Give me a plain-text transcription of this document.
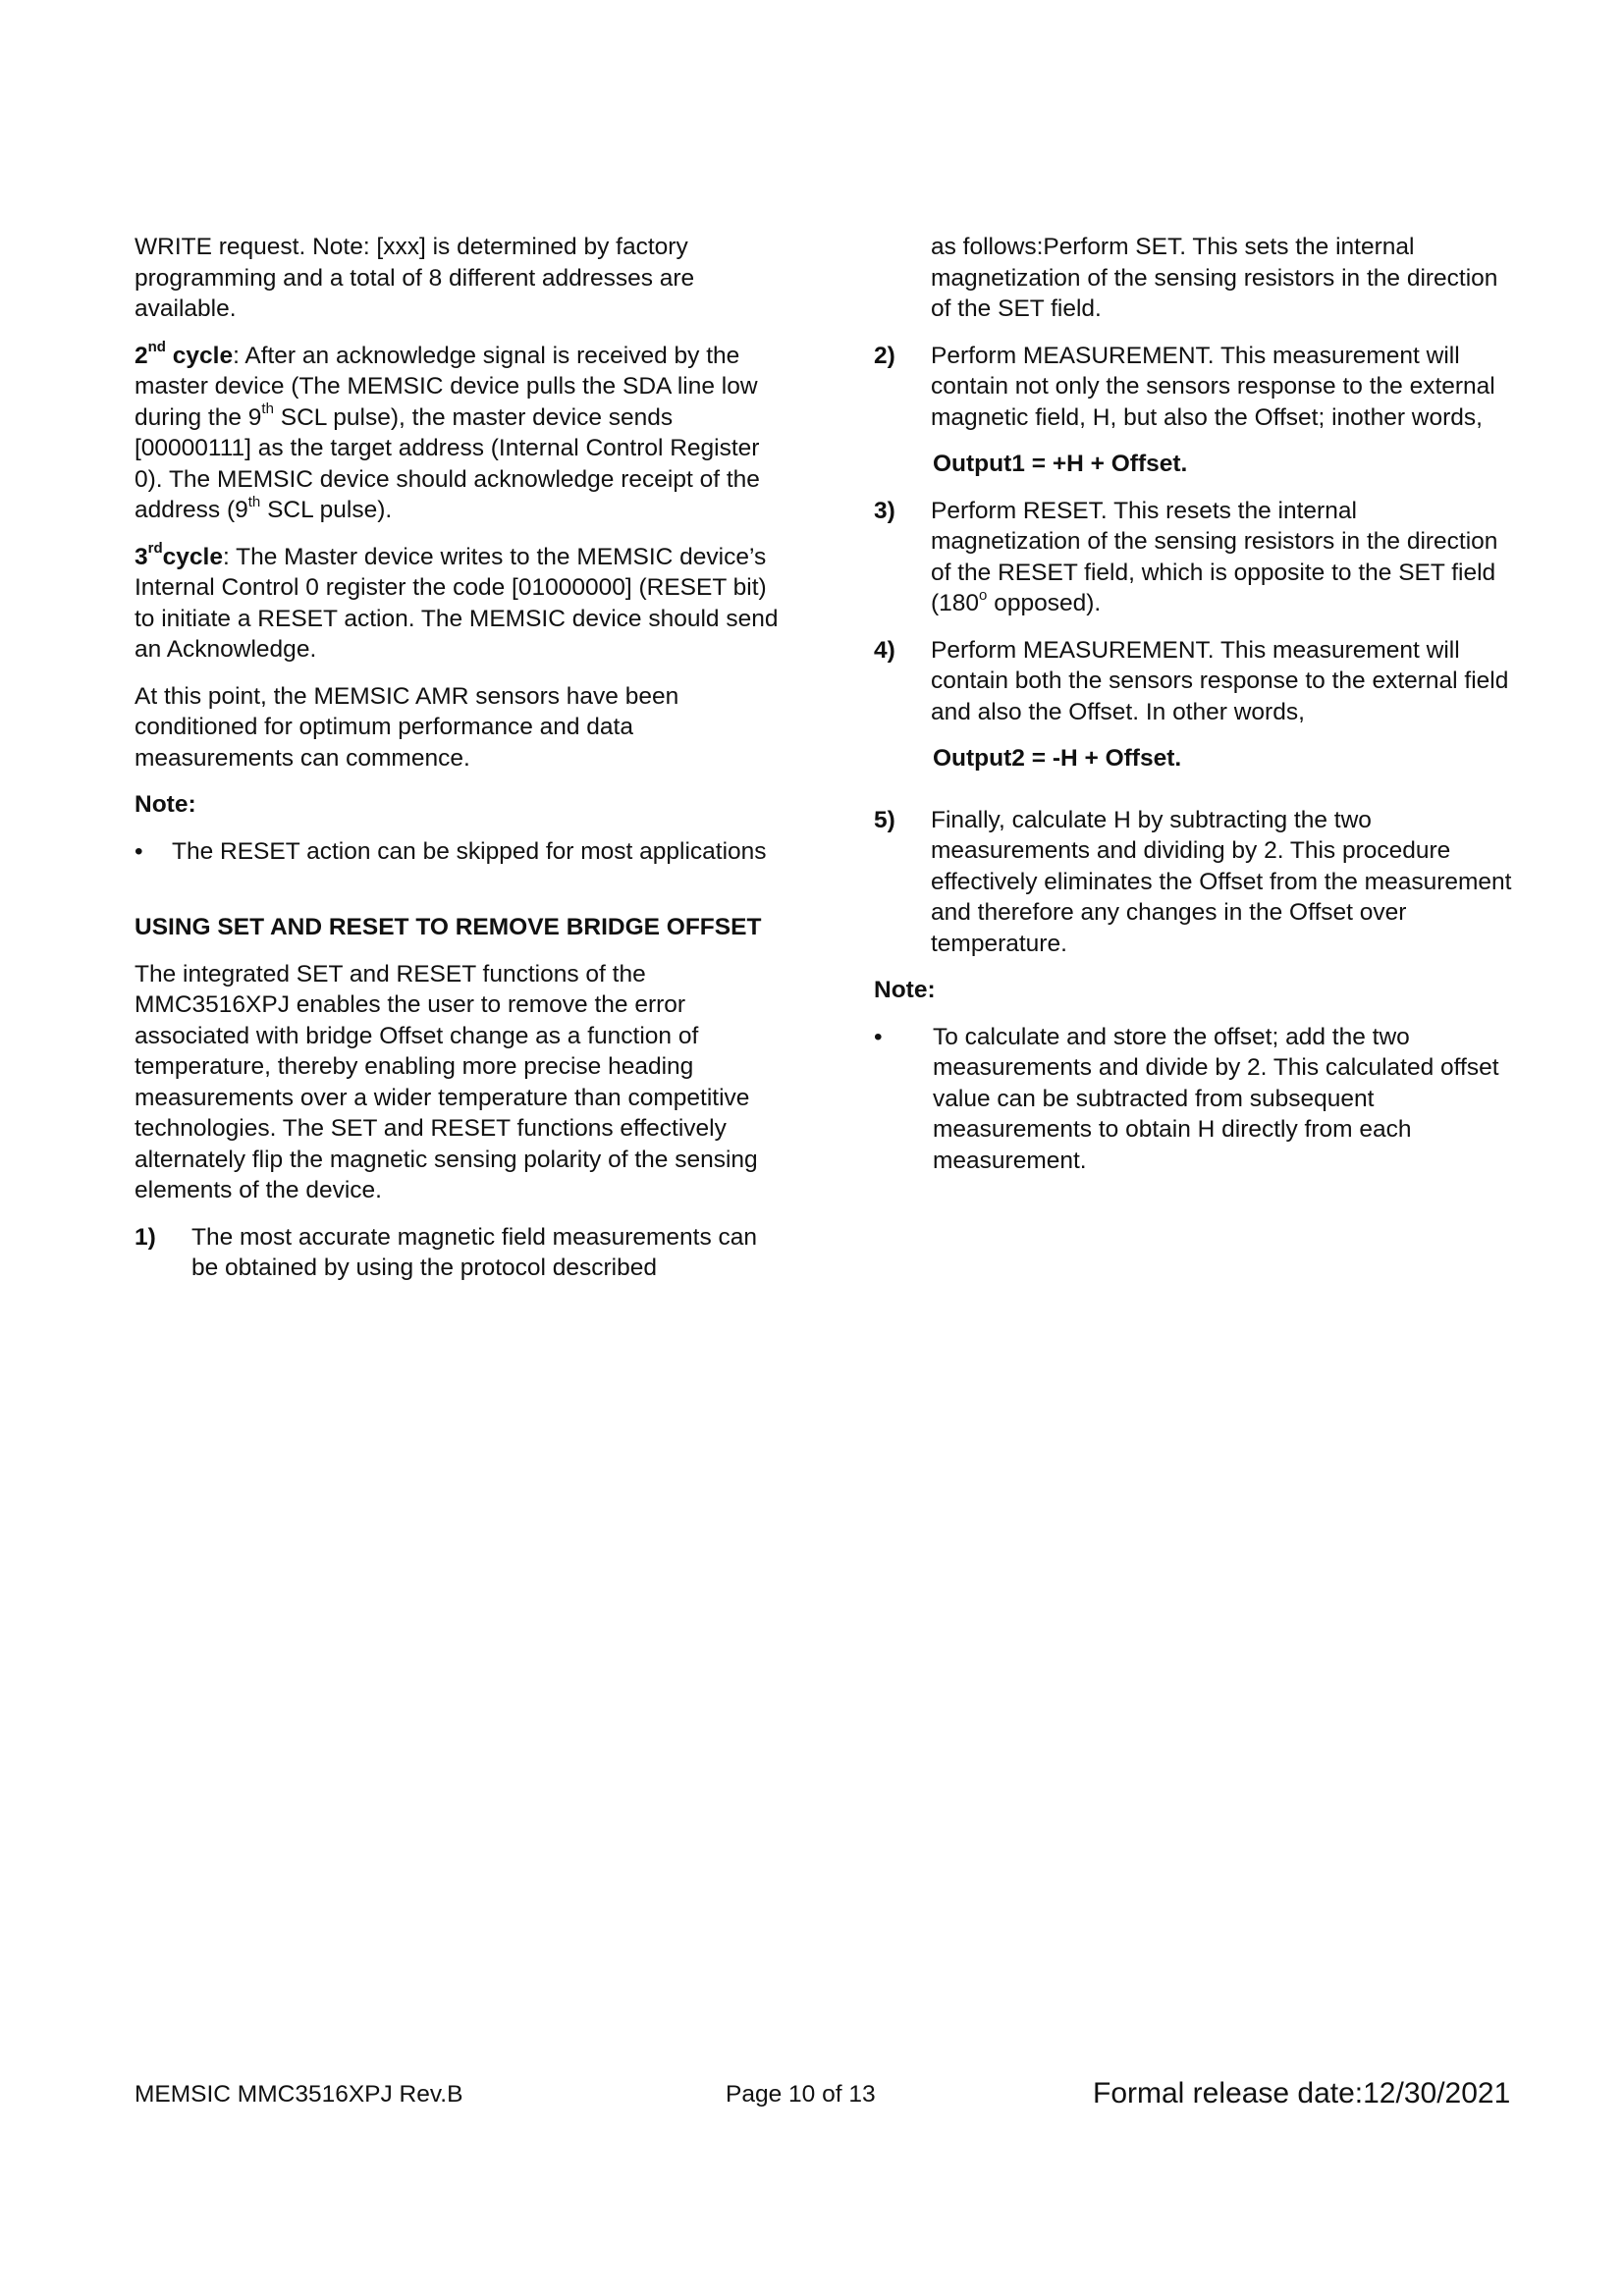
WRITE request. Note: [xxx] is determined by factory programming and a total of 8 different addresses are available.

2nd cycle: After an acknowledge signal is received by the master device (The MEMSIC device pulls the SDA line low during the 9th SCL pulse), the master device sends [00000111] as the target address (Internal Control Register 0). The MEMSIC device should acknowledge receipt of the address (9th SCL pulse).

3rdcycle: The Master device writes to the MEMSIC device’s Internal Control 0 register the code [01000000] (RESET bit) to initiate a RESET action. The MEMSIC device should send an Acknowledge.

At this point, the MEMSIC AMR sensors have been conditioned for optimum performance and data measurements can commence.

Note:

• The RESET action can be skipped for most applications
USING SET AND RESET TO REMOVE BRIDGE OFFSET

The integrated SET and RESET functions of the MMC3516XPJ enables the user to remove the error associated with bridge Offset change as a function of temperature, thereby enabling more precise heading measurements over a wider temperature than competitive technologies. The SET and RESET functions effectively alternately flip the magnetic sensing polarity of the sensing elements of the device.

1) The most accurate magnetic field measurements can be obtained by using the protocol described

as follows:Perform SET. This sets the internal magnetization of the sensing resistors in the direction of the SET field.

2) Perform MEASUREMENT. This measurement will contain not only the sensors response to the external magnetic field, H, but also the Offset; inother words,

Output1 = +H + Offset.

3) Perform RESET. This resets the internal magnetization of the sensing resistors in the direction of the RESET field, which is opposite to the SET field (180$^o$ opposed).
4) Perform MEASUREMENT. This measurement will contain both the sensors response to the external field and also the Offset. In other words,

Output2 = -H + Offset.

5) Finally, calculate H by subtracting the two measurements and dividing by 2. This procedure effectively eliminates the Offset from the measurement and therefore any changes in the Offset over temperature.

Note:

• To calculate and store the offset; add the two measurements and divide by 2. This calculated offset value can be subtracted from subsequent measurements to obtain H directly from each measurement.
MEMSIC MMC3516XPJ Rev.B	Page 10 of 13	Formal release date:12/30/2021
